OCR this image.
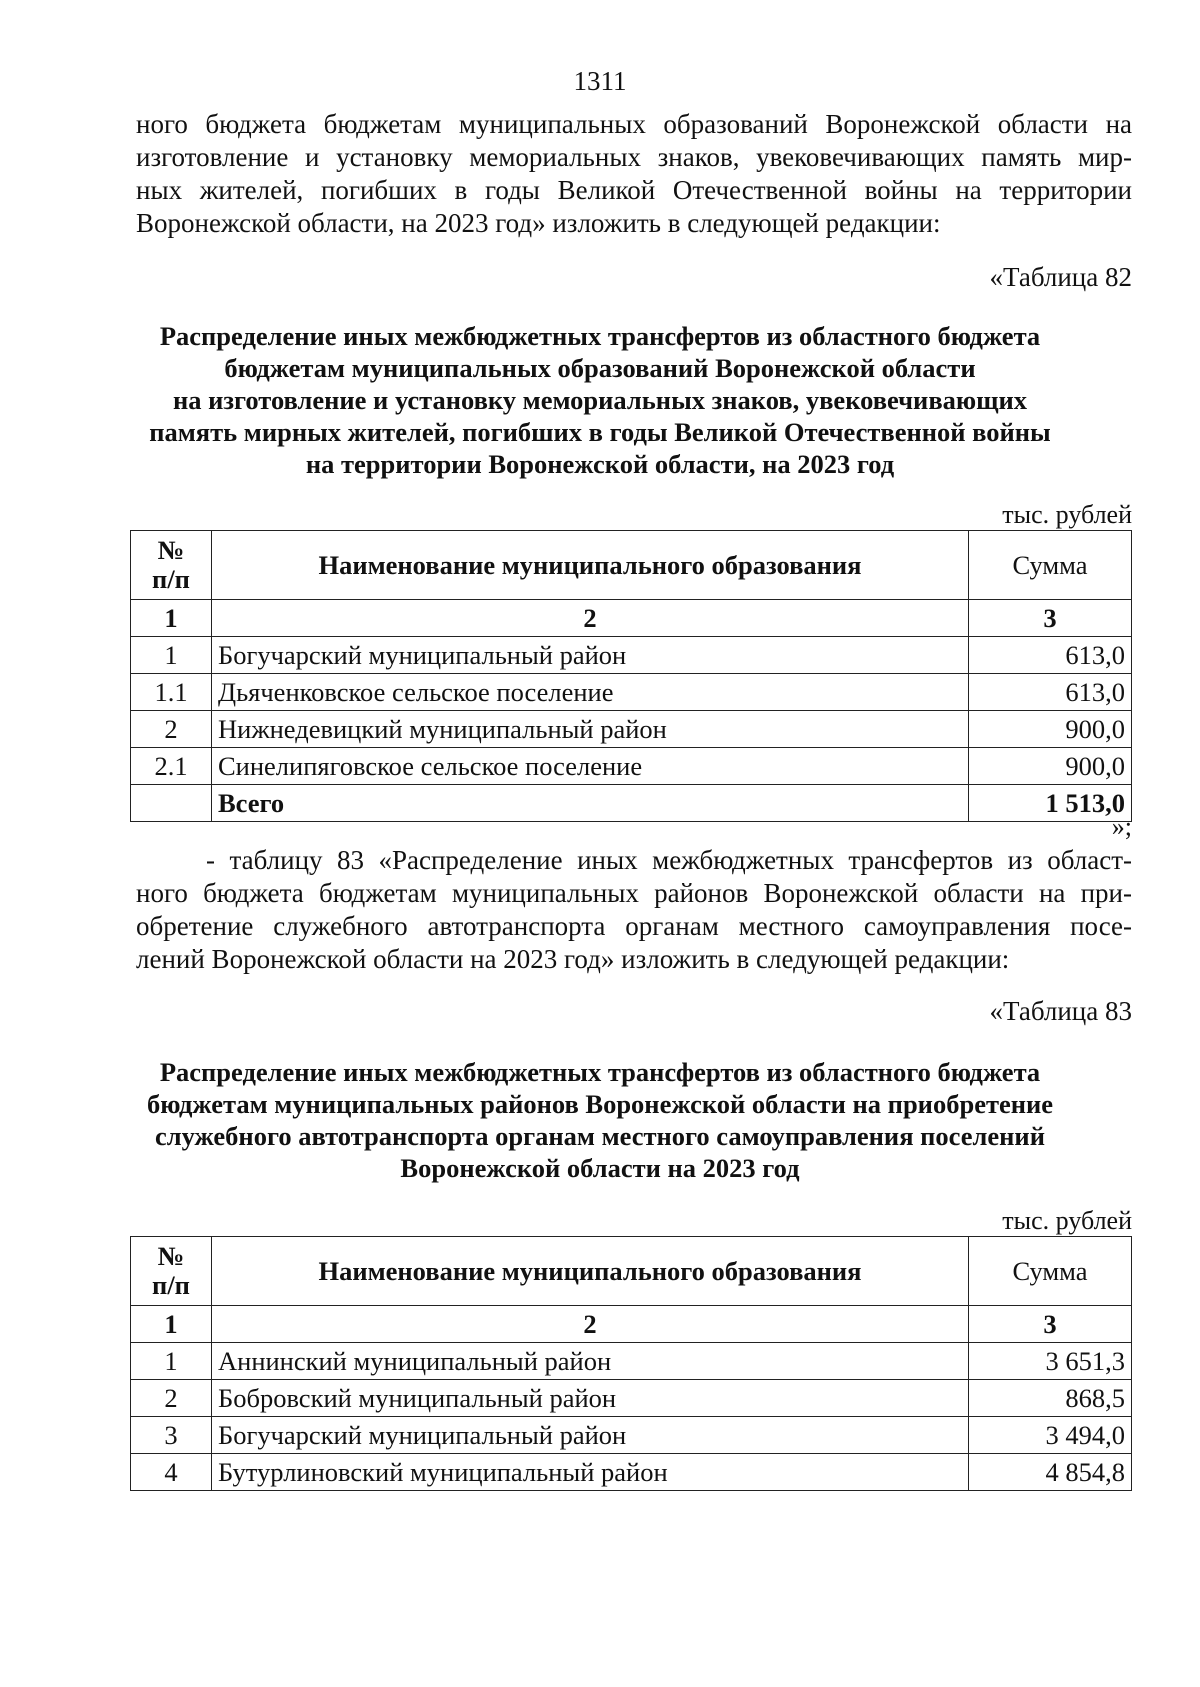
1311
ного бюджета бюджетам муниципальных образований Воронежской области на
изготовление и установку мемориальных знаков, увековечивающих память мир-
ных жителей, погибших в годы Великой Отечественной войны на территории
Воронежской области, на 2023 год» изложить в следующей редакции:
«Таблица 82
Распределение иных межбюджетных трансфертов из областного бюджета
бюджетам муниципальных образований Воронежской области
на изготовление и установку мемориальных знаков, увековечивающих
память мирных жителей, погибших в годы Великой Отечественной войны
на территории Воронежской области, на 2023 год
тыс. рублей
№
п/п	Наименование муниципального образования	Сумма
1	2	3
1	Богучарский муниципальный район	613,0
1.1	Дьяченковское сельское поселение	613,0
2	Нижнедевицкий муниципальный район	900,0
2.1	Синелипяговское сельское поселение	900,0
	Всего	1 513,0
»;
- таблицу 83 «Распределение иных межбюджетных трансфертов из област-
ного бюджета бюджетам муниципальных районов Воронежской области на при-
обретение служебного автотранспорта органам местного самоуправления посе-
лений Воронежской области на 2023 год» изложить в следующей редакции:
«Таблица 83
Распределение иных межбюджетных трансфертов из областного бюджета
бюджетам муниципальных районов Воронежской области на приобретение
служебного автотранспорта органам местного самоуправления поселений
Воронежской области на 2023 год
тыс. рублей
№
п/п	Наименование муниципального образования	Сумма
1	2	3
1	Аннинский муниципальный район	3 651,3
2	Бобровский муниципальный район	868,5
3	Богучарский муниципальный район	3 494,0
4	Бутурлиновский муниципальный район	4 854,8
